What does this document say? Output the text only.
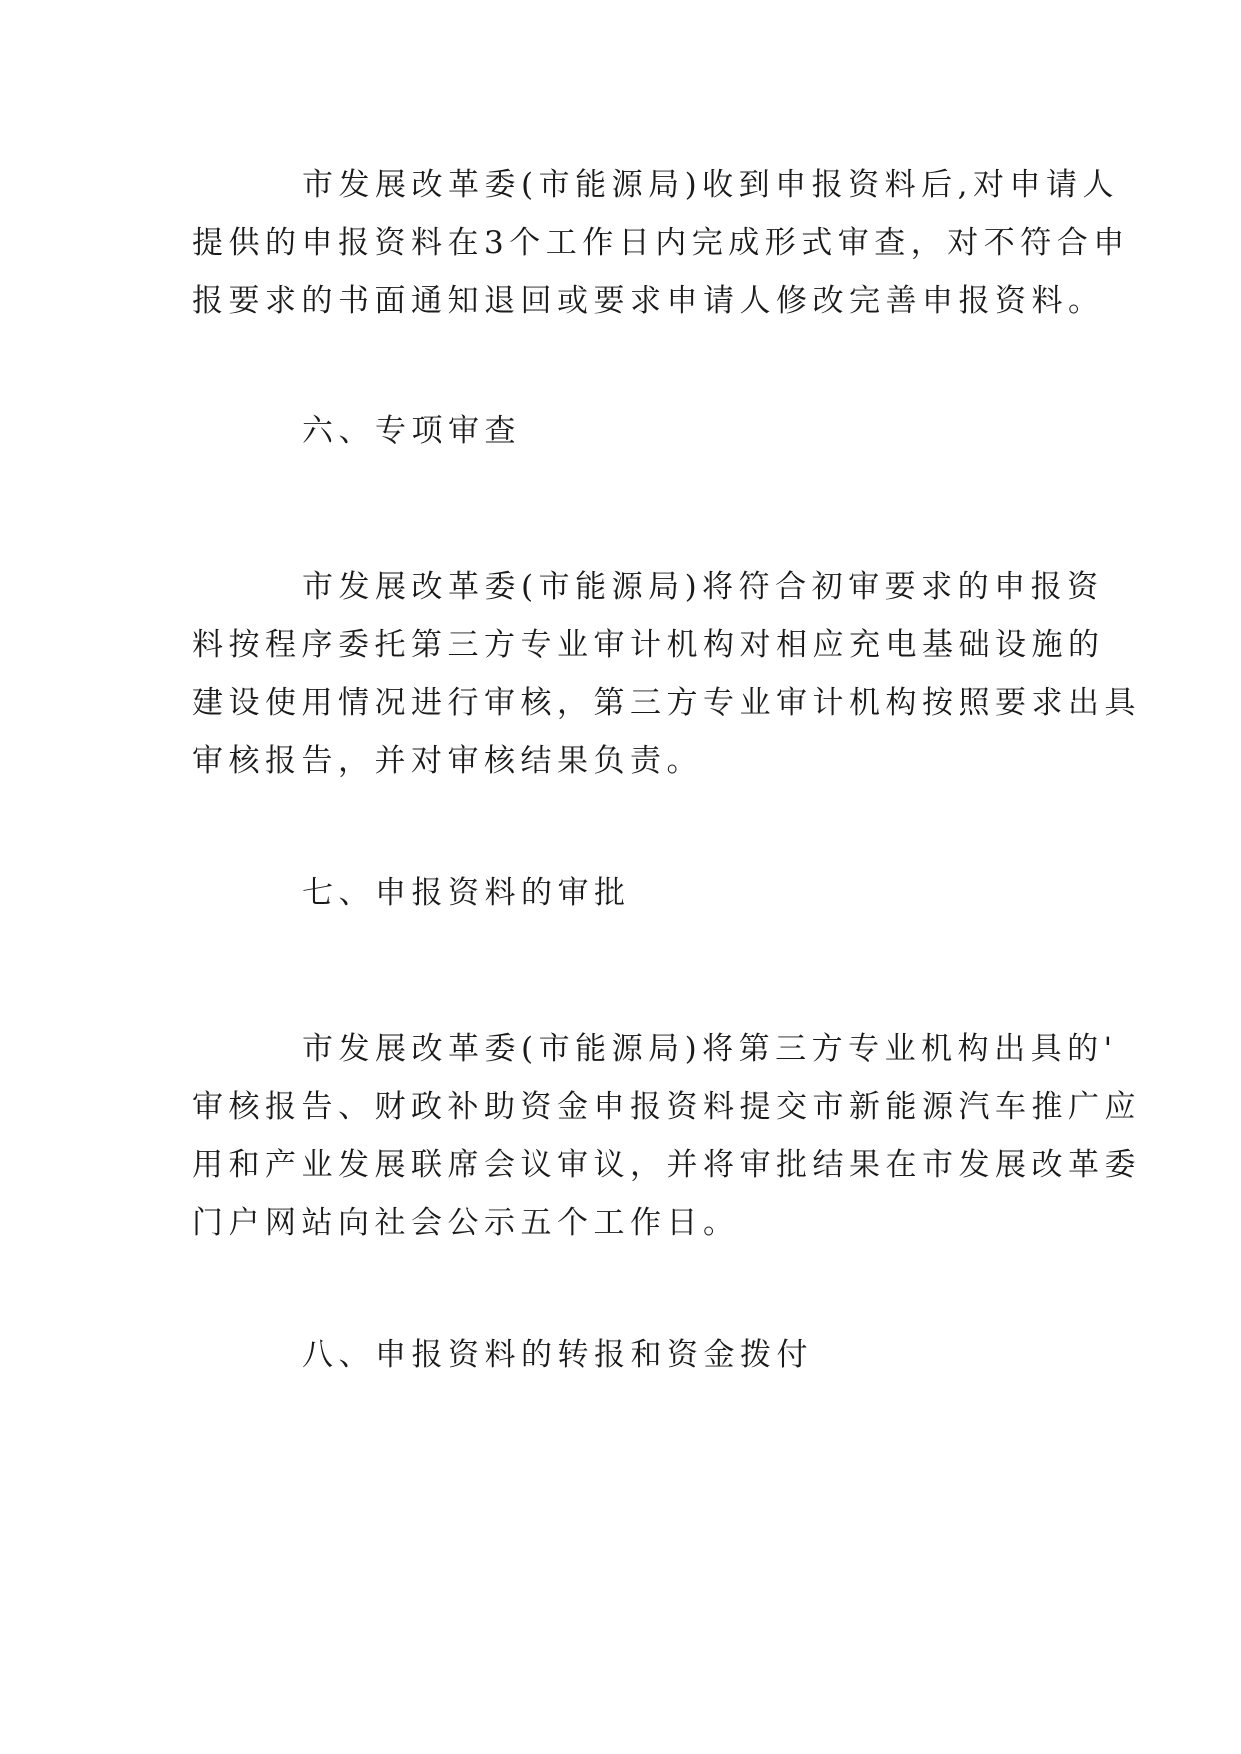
市发展改革委(市能源局)收到申报资料后,对申请人
提供的申报资料在3个工作日内完成形式审查，对不符合申
报要求的书面通知退回或要求申请人修改完善申报资料。
六、专项审查
市发展改革委(市能源局)将符合初审要求的申报资
料按程序委托第三方专业审计机构对相应充电基础设施的
建设使用情况进行审核，第三方专业审计机构按照要求出具
审核报告，并对审核结果负责。
七、申报资料的审批
市发展改革委(市能源局)将第三方专业机构出具的'
审核报告、财政补助资金申报资料提交市新能源汽车推广应
用和产业发展联席会议审议，并将审批结果在市发展改革委
门户网站向社会公示五个工作日。
八、申报资料的转报和资金拨付
